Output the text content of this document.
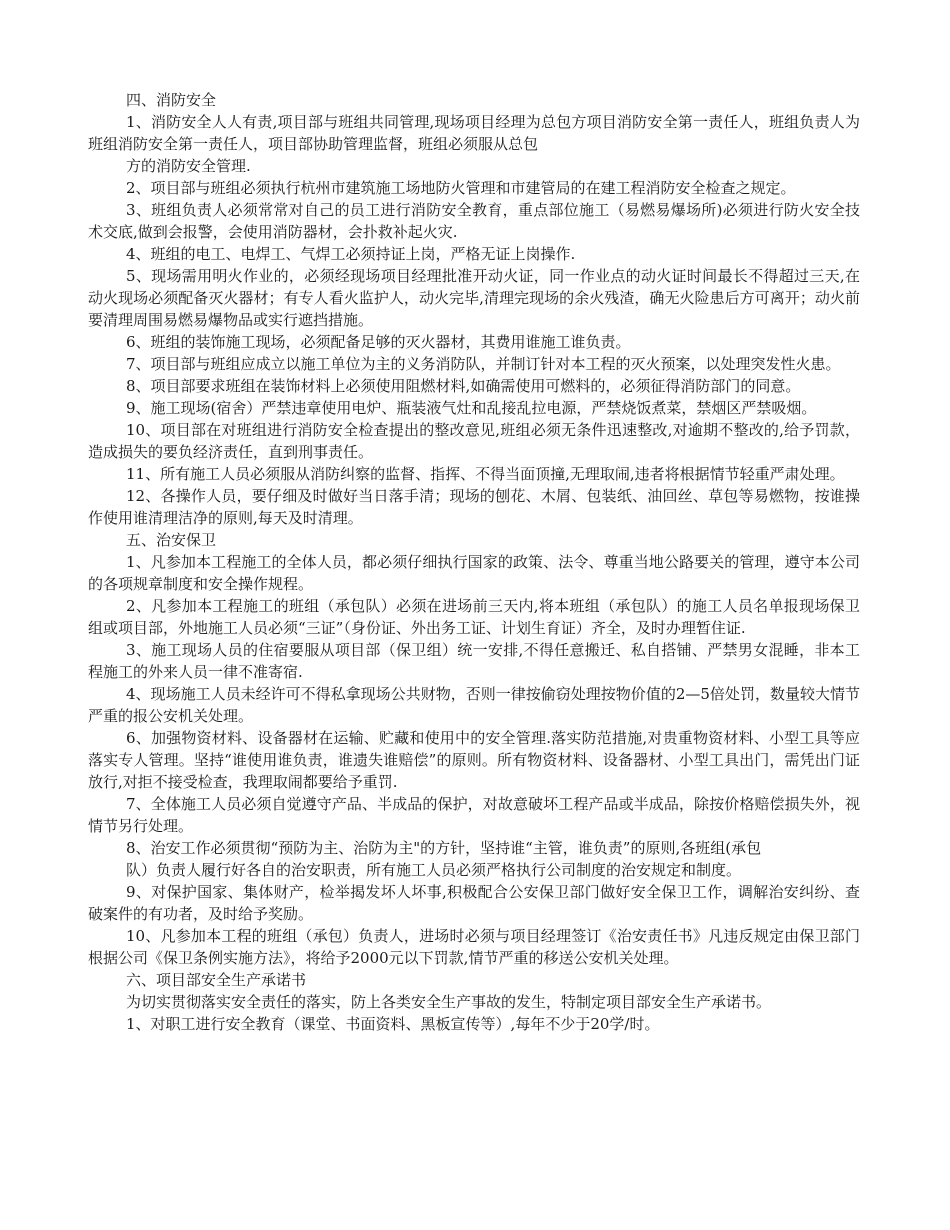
四、消防安全

1、消防安全人人有责,项目部与班组共同管理,现场项目经理为总包方项目消防安全第一责任人，班组负责人为班组消防安全第一责任人，项目部协助管理监督，班组必须服从总包

方的消防安全管理.

2、项目部与班组必须执行杭州市建筑施工场地防火管理和市建管局的在建工程消防安全检查之规定。

3、班组负责人必须常常对自己的员工进行消防安全教育，重点部位施工（易燃易爆场所)必须进行防火安全技术交底,做到会报警，会使用消防器材，会扑救补起火灾.

4、班组的电工、电焊工、气焊工必须持证上岗，严格无证上岗操作.

5、现场需用明火作业的，必须经现场项目经理批准开动火证，同一作业点的动火证时间最长不得超过三天,在动火现场必须配备灭火器材；有专人看火监护人，动火完毕,清理完现场的余火残渣，确无火险患后方可离开；动火前要清理周围易燃易爆物品或实行遮挡措施。

6、班组的装饰施工现场，必须配备足够的灭火器材，其费用谁施工谁负责。

7、项目部与班组应成立以施工单位为主的义务消防队，并制订针对本工程的灭火预案，以处理突发性火患。

8、项目部要求班组在装饰材料上必须使用阻燃材料,如确需使用可燃料的，必须征得消防部门的同意。

9、施工现场(宿舍）严禁违章使用电炉、瓶装液气灶和乱接乱拉电源，严禁烧饭煮菜，禁烟区严禁吸烟。

10、项目部在对班组进行消防安全检查提出的整改意见,班组必须无条件迅速整改,对逾期不整改的,给予罚款，造成损失的要负经济责任，直到刑事责任。

11、所有施工人员必须服从消防纠察的监督、指挥、不得当面顶撞,无理取闹,违者将根据情节轻重严肃处理。

12、各操作人员，要仔细及时做好当日落手清；现场的刨花、木屑、包装纸、油回丝、草包等易燃物，按谁操作使用谁清理洁净的原则,每天及时清理。

五、治安保卫

1、凡参加本工程施工的全体人员，都必须仔细执行国家的政策、法令、尊重当地公路要关的管理，遵守本公司的各项规章制度和安全操作规程。

2、凡参加本工程施工的班组（承包队）必须在进场前三天内,将本班组（承包队）的施工人员名单报现场保卫组或项目部，外地施工人员必须“三证”（身份证、外出务工证、计划生育证）齐全，及时办理暂住证.

3、施工现场人员的住宿要服从项目部（保卫组）统一安排,不得任意搬迁、私自搭铺、严禁男女混睡，非本工程施工的外来人员一律不准寄宿.

4、现场施工人员未经许可不得私拿现场公共财物，否则一律按偷窃处理按物价值的2—5倍处罚，数量较大情节严重的报公安机关处理。

6、加强物资材料、设备器材在运输、贮藏和使用中的安全管理.落实防范措施,对贵重物资材料、小型工具等应落实专人管理。坚持“谁使用谁负责，谁遗失谁赔偿”的原则。所有物资材料、设备器材、小型工具出门，需凭出门证放行,对拒不接受检查，我理取闹都要给予重罚.

7、全体施工人员必须自觉遵守产品、半成品的保护，对故意破坏工程产品或半成品，除按价格赔偿损失外，视情节另行处理。

8、治安工作必须贯彻“预防为主、治防为主"的方针，坚持谁“主管，谁负责”的原则,各班组(承包

队）负责人履行好各自的治安职责，所有施工人员必须严格执行公司制度的治安规定和制度。

9、对保护国家、集体财产，检举揭发坏人坏事,积极配合公安保卫部门做好安全保卫工作，调解治安纠纷、查破案件的有功者，及时给予奖励。

10、凡参加本工程的班组（承包）负责人，进场时必须与项目经理签订《治安责任书》凡违反规定由保卫部门根据公司《保卫条例实施方法》，将给予2000元以下罚款,情节严重的移送公安机关处理。

六、项目部安全生产承诺书

为切实贯彻落实安全责任的落实，防上各类安全生产事故的发生，特制定项目部安全生产承诺书。

1、对职工进行安全教育（课堂、书面资料、黑板宣传等）,每年不少于20学/时。
